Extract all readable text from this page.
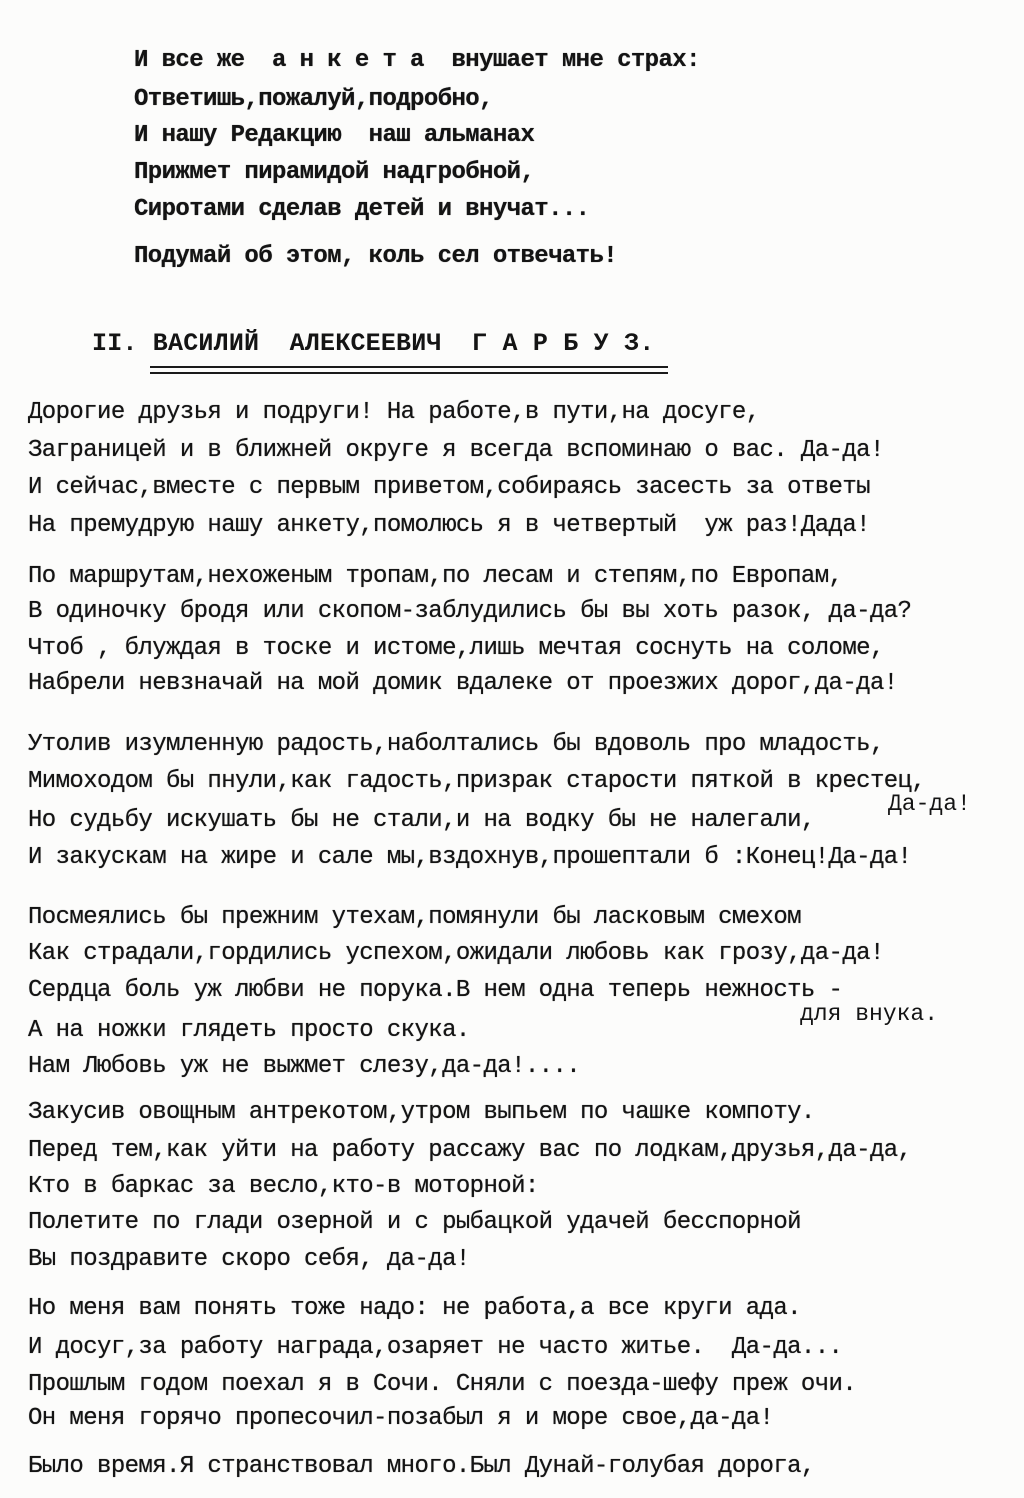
И все же  а н к е т а  внушает мне страх:

Ответишь,пожалуй,подробно,

И нашу Редакцию  наш альманах

Прижмет пирамидой надгробной,

Сиротами сделав детей и внучат...

Подумай об этом, коль сел отвечать!

II. ВАСИЛИЙ  АЛЕКСЕЕВИЧ  Г А Р Б У З.

Дорогие друзья и подруги! На работе,в пути,на досуге,

Заграницей и в ближней округе я всегда вспоминаю о вас. Да-да!

И сейчас,вместе с первым приветом,собираясь засесть за ответы

На премудрую нашу анкету,помолюсь я в четвертый  уж раз!Дада!

По маршрутам,нехоженым тропам,по лесам и степям,по Европам,

В одиночку бродя или скопом-заблудились бы вы хоть разок, да-да?

Чтоб , блуждая в тоске и истоме,лишь мечтая соснуть на соломе,

Набрели невзначай на мой домик вдалеке от проезжих дорог,да-да!

Утолив изумленную радость,наболтались бы вдоволь про младость,

Мимоходом бы пнули,как гадость,призрак старости пяткой в крестец,

Но судьбу искушать бы не стали,и на водку бы не налегали,

Да-да!

И закускам на жире и сале мы,вздохнув,прошептали б :Конец!Да-да!

Посмеялись бы прежним утехам,помянули бы ласковым смехом

Как страдали,гордились успехом,ожидали любовь как грозу,да-да!

Сердца боль уж любви не порука.В нем одна теперь нежность -

для внука.

А на ножки глядеть просто скука.

Нам Любовь уж не выжмет слезу,да-да!....

Закусив овощным антрекотом,утром выпьем по чашке компоту.

Перед тем,как уйти на работу рассажу вас по лодкам,друзья,да-да,

Кто в баркас за весло,кто-в моторной:

Полетите по глади озерной и с рыбацкой удачей бесспорной

Вы поздравите скоро себя, да-да!

Но меня вам понять тоже надо: не работа,а все круги ада.

И досуг,за работу награда,озаряет не часто житье.  Да-да...

Прошлым годом поехал я в Сочи. Сняли с поезда-шефу преж очи.

Он меня горячо пропесочил-позабыл я и море свое,да-да!

Было время.Я странствовал много.Был Дунай-голубая дорога,
